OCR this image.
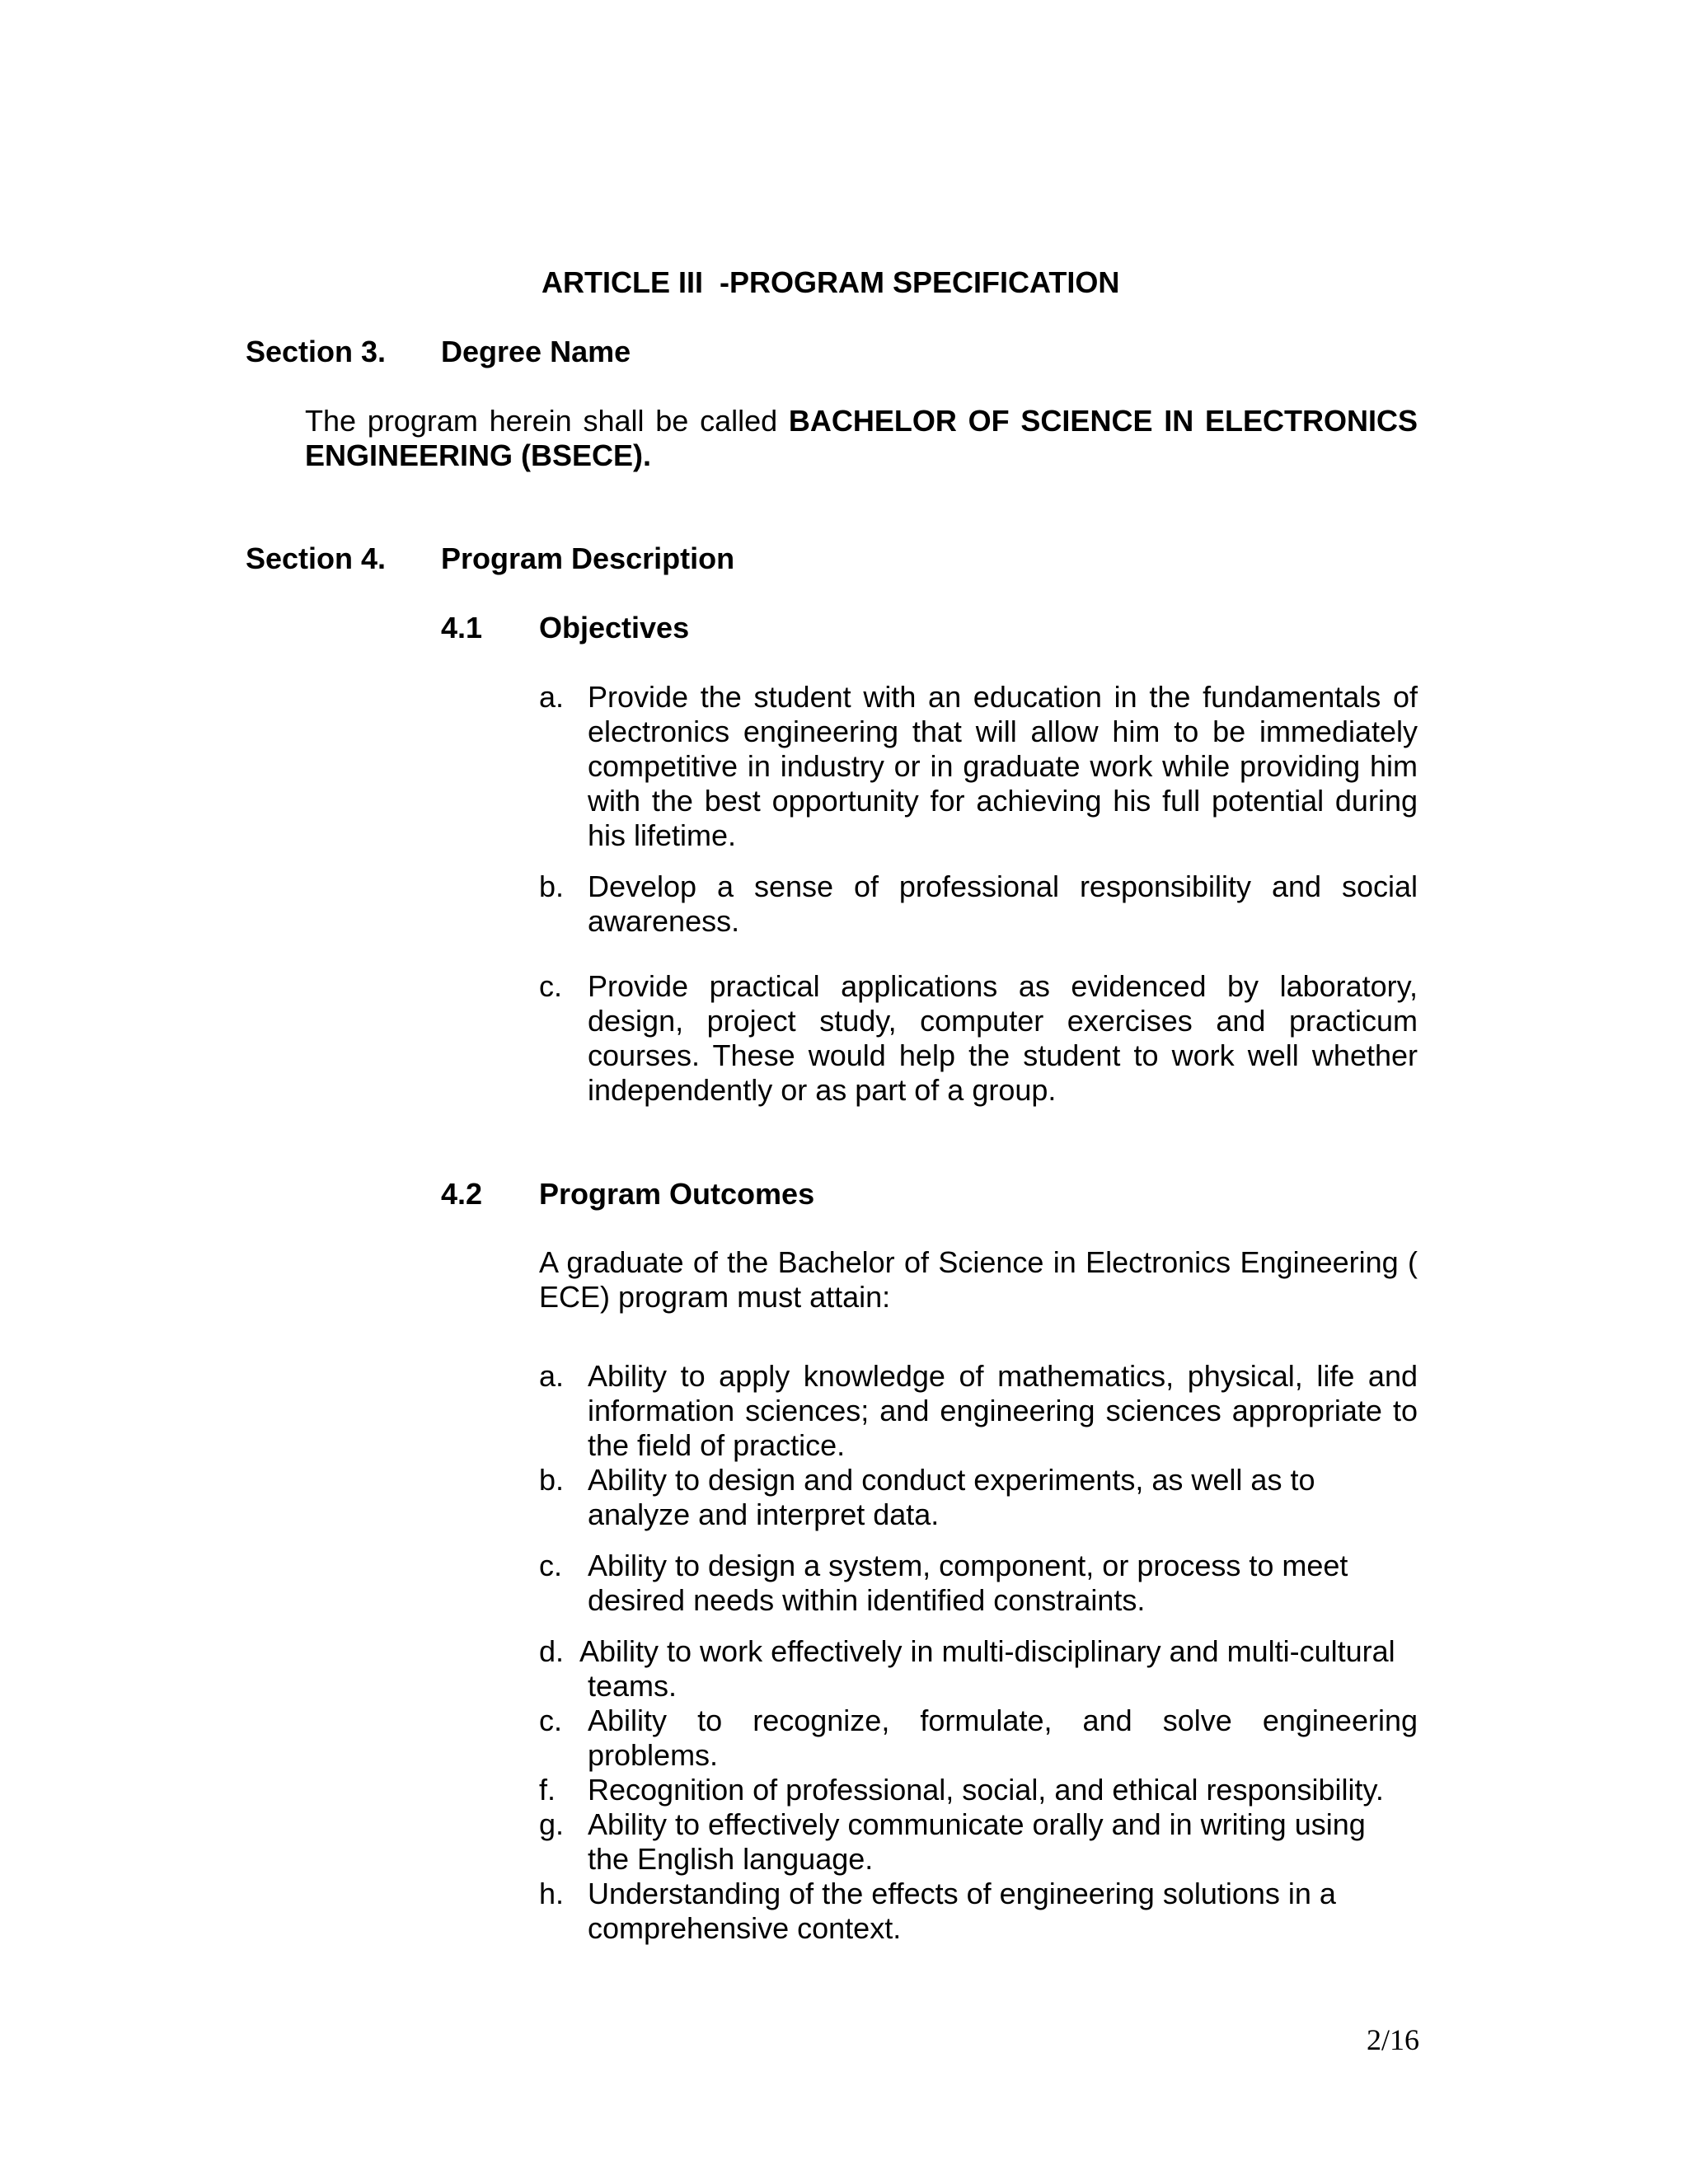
ARTICLE III  -PROGRAM SPECIFICATION
Section 3. Degree Name
The program herein shall be called BACHELOR OF SCIENCE IN ELECTRONICS ENGINEERING (BSECE).
Section 4. Program Description
4.1 Objectives
a. Provide the student with an education in the fundamentals of electronics engineering that will allow him to be immediately competitive in industry or in graduate work while providing him with the best opportunity for achieving his full potential during his lifetime.
b. Develop a sense of professional responsibility and social awareness.
c. Provide practical applications as evidenced by laboratory, design, project study, computer exercises and practicum courses. These would help the student to work well whether independently or as part of a group.
4.2 Program Outcomes
A graduate of the Bachelor of Science in Electronics Engineering ( ECE) program must attain:
a. Ability to apply knowledge of mathematics, physical, life and information sciences; and engineering sciences appropriate to the field of practice.
b. Ability to design and conduct experiments, as well as to analyze and interpret data.
c. Ability to design a system, component, or process to meet desired needs within identified constraints.
d. Ability to work effectively in multi-disciplinary and multi-cultural teams.
c. Ability to recognize, formulate, and solve engineering problems.
f. Recognition of professional, social, and ethical responsibility.
g. Ability to effectively communicate orally and in writing using the English language.
h. Understanding of the effects of engineering solutions in a comprehensive context.
2/16
